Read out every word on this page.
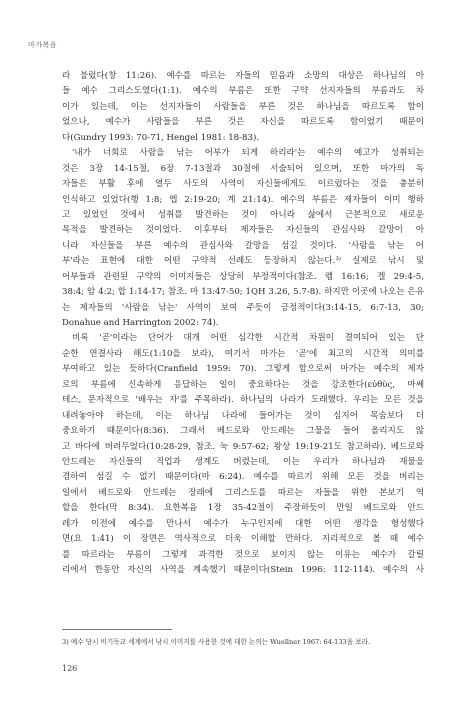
마가복음
라 불렀다(창 11:26). 예수를 따르는 자들의 믿음과 소망의 대상은 하나님의 아
들 예수 그리스도였다(1:1). 예수의 부름은 또한 구약 선지자들의 부름과도 차
이가 있는데, 이는 선지자들이 사람들을 부른 것은 하나님을 따르도록 함이
었으나, 예수가 사람들을 부른 것은 자신을 따르도록 함이었기 때문이
다(Gundry 1993: 70-71, Hengel 1981: 18-83).
'내가 너희로 사람을 낚는 어부가 되게 하리라'는 예수의 예고가 성취되는
것은 3장 14-15절, 6장 7-13절과 30절에 서술되어 있으며, 또한 마가의 독
자들은 부활 후에 열두 사도의 사역이 자신들에게도 이르렀다는 것을 충분히
인식하고 있었다(행 1:8; 엡 2:19-20; 계 21:14). 예수의 부름은 제자들이 이미 행하
고 있었던 것에서 성취를 발견하는 것이 아니라 삶에서 근본적으로 새로운
목적을 발견하는 것이었다. 이후부터 제자들은 자신들의 관심사와 갈망이 아
니라 자신들을 부른 예수의 관심사와 갈망을 섬길 것이다. '사람을 낚는 어
부'라는 표현에 대한 어떤 구약적 선례도 등장하지 않는다.³⁾ 실제로 낚시 및
어부들과 관련된 구약의 이미지들은 상당히 부정적이다(참조. 렘 16:16; 겔 29:4-5,
38:4; 암 4:2; 합 1:14-17; 참조. 마 13:47-50; 1QH 3.26, 5.7-8). 하지만 이곳에 나오는 은유
는 제자들의 '사람을 낚는' 사역이 보여 주듯이 긍정적이다(3:14-15, 6:7-13, 30;
Donahue and Harrington 2002: 74).
비록 '곧'이라는 단어가 대개 어떤 심각한 시간적 차원이 결여되어 있는 단
순한 연결사라 해도(1:10을 보라), 여기서 마가는 '곧'에 최고의 시간적 의미를
부여하고 있는 듯하다(Cranfield 1959: 70). 그렇게 함으로써 마가는 예수의 제자
로의 부름에 신속하게 응답하는 일이 중요하다는 것을 강조한다(εὐθὺς, 마쎄
테스, 문자적으로 '배우는 자'를 주목하라). 하나님의 나라가 도래했다. 우리는 모든 것을
내려놓아야 하는데, 이는 하나님 나라에 들어가는 것이 심지어 목숨보다 더
중요하기 때문이다(8:36). 그래서 베드로와 안드레는 그물을 들어 올리지도 않
고 바다에 버려두었다(10:28-29, 참조. 눅 9:57-62; 왕상 19:19-21도 참고하라). 베드로와
안드레는 자신들의 직업과 생계도 버렸는데, 이는 우리가 하나님과 재물을
겸하여 섬길 수 없기 때문이다(마 6:24). 예수를 따르기 위해 모든 것을 버리는
일에서 베드로와 안드레는 장래에 그리스도를 따르는 자들을 위한 본보기 역
할을 한다(막 8:34). 요한복음 1장 35-42절이 주장하듯이 만일 베드로와 안드
레가 이전에 예수를 만나서 예수가 누구인지에 대한 어떤 생각을 형성했다
면(요 1:41) 이 장면은 역사적으로 더욱 이해할 만하다. 지리적으로 볼 때 예수
를 따르라는 부름이 그렇게 과격한 것으로 보이지 않는 이유는 예수가 갈릴
리에서 한동안 자신의 사역을 계속했기 때문이다(Stein 1996: 112-114). 예수의 사
3) 예수 당시 비기독교 세계에서 낚시 이미지를 사용한 것에 대한 논의는 Wuellner 1967: 64-133을 보라.
126
